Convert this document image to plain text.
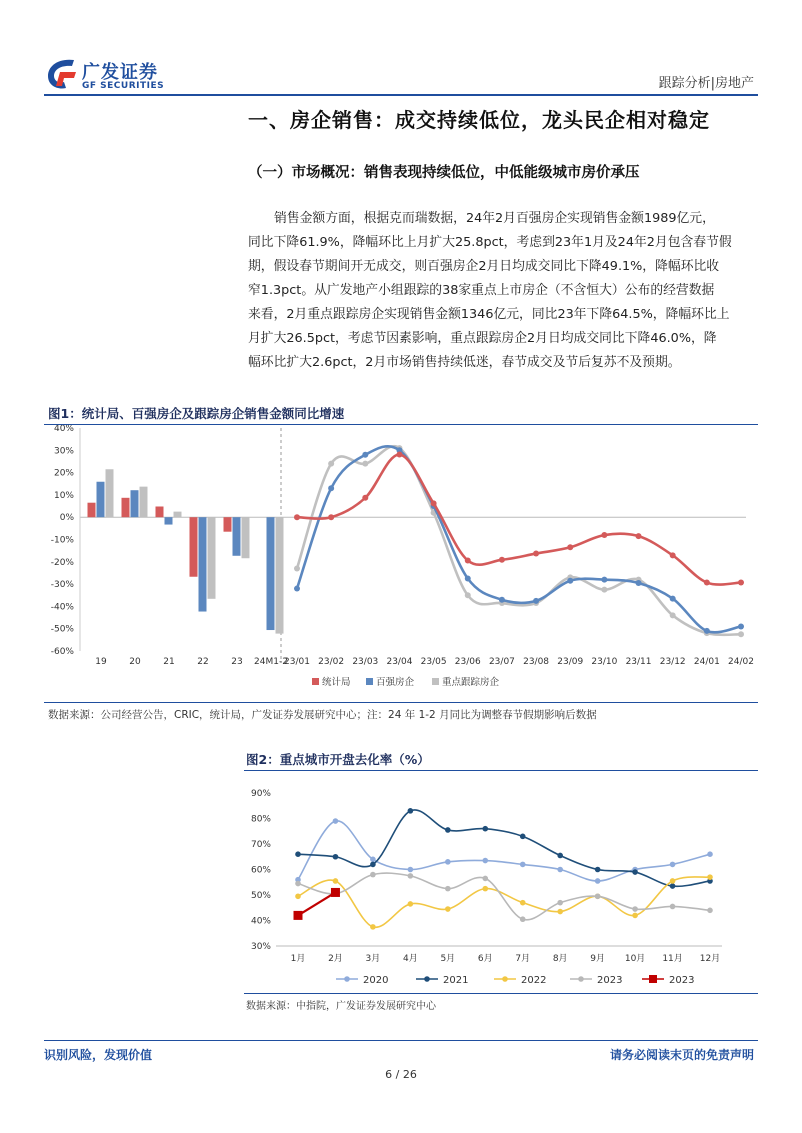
广发证券
GF SECURITIES	跟踪分析|房地产
一、房企销售：成交持续低位，龙头民企相对稳定
（一）市场概况：销售表现持续低位，中低能级城市房价承压
销售金额方面，根据克而瑞数据，24年2月百强房企实现销售金额1989亿元，
同比下降61.9%，降幅环比上月扩大25.8pct，考虑到23年1月及24年2月包含春节假
期，假设春节期间开无成交，则百强房企2月日均成交同比下降49.1%，降幅环比收
窄1.3pct。从广发地产小组跟踪的38家重点上市房企（不含恒大）公布的经营数据
来看，2月重点跟踪房企实现销售金额1346亿元，同比23年下降64.5%，降幅环比上
月扩大26.5pct，考虑节因素影响，重点跟踪房企2月日均成交同比下降46.0%，降
幅环比扩大2.6pct，2月市场销售持续低迷，春节成交及节后复苏不及预期。
图1：统计局、百强房企及跟踪房企销售金额同比增速
40%
30%
20%
10%
0%
-10%
-20%
-30%
-40%
-50%
-60%
19	20	21	22	23 24M1-2
23/01 23/02 23/03 23/04 23/05 23/06 23/07 23/08 23/09 23/10 23/11 23/12 24/01 24/02
统计局	百强房企	重点跟踪房企
数据来源：公司经营公告，CRIC，统计局，广发证券发展研究中心；注：24 年 1-2 月同比为调整春节假期影响后数据
图2：重点城市开盘去化率（%）
90%
80%
70%
60%
50%
40%
30%
1月	2月	3月	4月	5月	6月	7月	8月	9月 10月 11月 12月
2020	2021	2022	2023	2023
数据来源：中指院，广发证券发展研究中心
识别风险，发现价值	请务必阅读末页的免责声明
6 / 26
